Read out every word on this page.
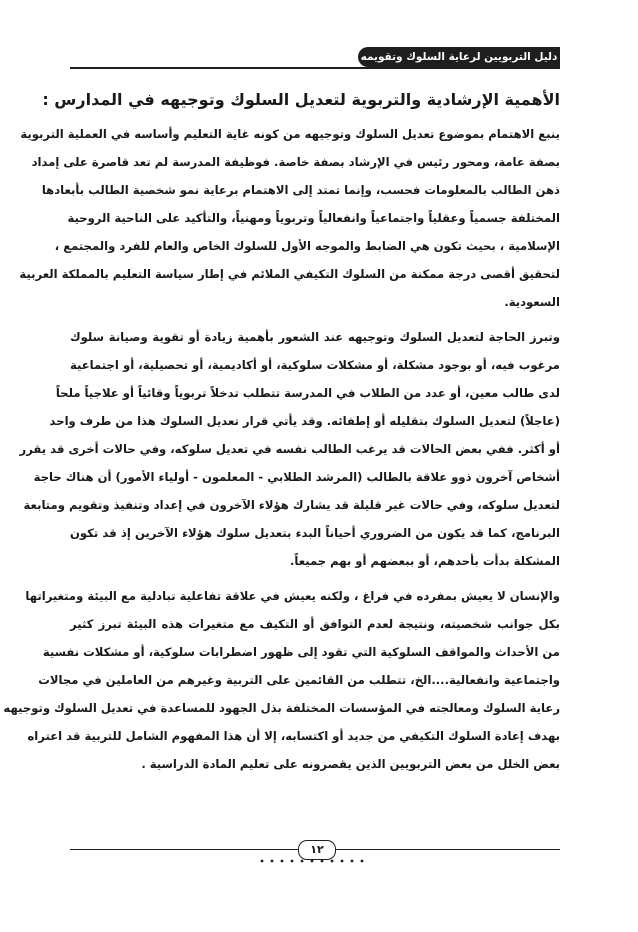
دليل التربويين لرعاية السلوك وتقويمه
الأهمية الإرشادية والتربوية لتعديل السلوك وتوجيهه في المدارس :
ينبع الاهتمام بموضوع تعديل السلوك وتوجيهه من كونه غاية التعليم وأساسه في العملية التربوية
بصفة عامة، ومحور رئيس في الإرشاد بصفة خاصة. فوظيفة المدرسة لم تعد قاصرة على إمداد
ذهن الطالب بالمعلومات فحسب، وإنما تمتد إلى الاهتمام برعاية نمو شخصية الطالب بأبعادها
المختلفة جسمياً وعقلياً واجتماعياً وانفعالياً وتربوياً ومهنياً، والتأكيد على الناحية الروحية
الإسلامية ، بحيث تكون هي الضابط والموجه الأول للسلوك الخاص والعام للفرد والمجتمع ،
لتحقيق أقصى درجة ممكنة من السلوك التكيفي الملائم في إطار سياسة التعليم بالمملكة العربية
السعودية.
وتبرز الحاجة لتعديل السلوك وتوجيهه عند الشعور بأهمية زيادة أو تقوية وصيانة سلوك
مرغوب فيه، أو بوجود مشكلة، أو مشكلات سلوكية، أو أكاديمية، أو تحصيلية، أو اجتماعية
لدى طالب معين، أو عدد من الطلاب في المدرسة تتطلب تدخلاً تربوياً وقائياً أو علاجياً ملحاً
(عاجلاً) لتعديل السلوك بتقليله أو إطفائه. وقد يأتي قرار تعديل السلوك هذا من طرف واحد
أو أكثر. ففي بعض الحالات قد يرغب الطالب نفسه في تعديل سلوكه، وفي حالات أخرى قد يقرر
أشخاص آخرون ذوو علاقة بالطالب (المرشد الطلابي - المعلمون - أولياء الأمور) أن هناك حاجة
لتعديل سلوكه، وفي حالات غير قليلة قد يشارك هؤلاء الآخرون في إعداد وتنفيذ وتقويم ومتابعة
البرنامج، كما قد يكون من الضروري أحياناً البدء بتعديل سلوك هؤلاء الآخرين إذ قد تكون
المشكلة بدأت بأحدهم، أو ببعضهم أو بهم جميعاً.
والإنسان لا يعيش بمفرده في فراغ ، ولكنه يعيش في علاقة تفاعلية تبادلية مع البيئة ومتغيراتها
بكل جوانب شخصيته، ونتيجة لعدم التوافق أو التكيف مع متغيرات هذه البيئة تبرز كثير
من الأحداث والمواقف السلوكية التي تقود إلى ظهور اضطرابات سلوكية، أو مشكلات نفسية
واجتماعية وانفعالية....الخ، تتطلب من القائمين على التربية وغيرهم من العاملين في مجالات
رعاية السلوك ومعالجته في المؤسسات المختلفة بذل الجهود للمساعدة في تعديل السلوك وتوجيهه
بهدف إعادة السلوك التكيفي من جديد أو اكتسابه، إلا أن هذا المفهوم الشامل للتربية قد اعتراه
بعض الخلل من بعض التربويين الذين يقصرونه على تعليم المادة الدراسية .
١٢
